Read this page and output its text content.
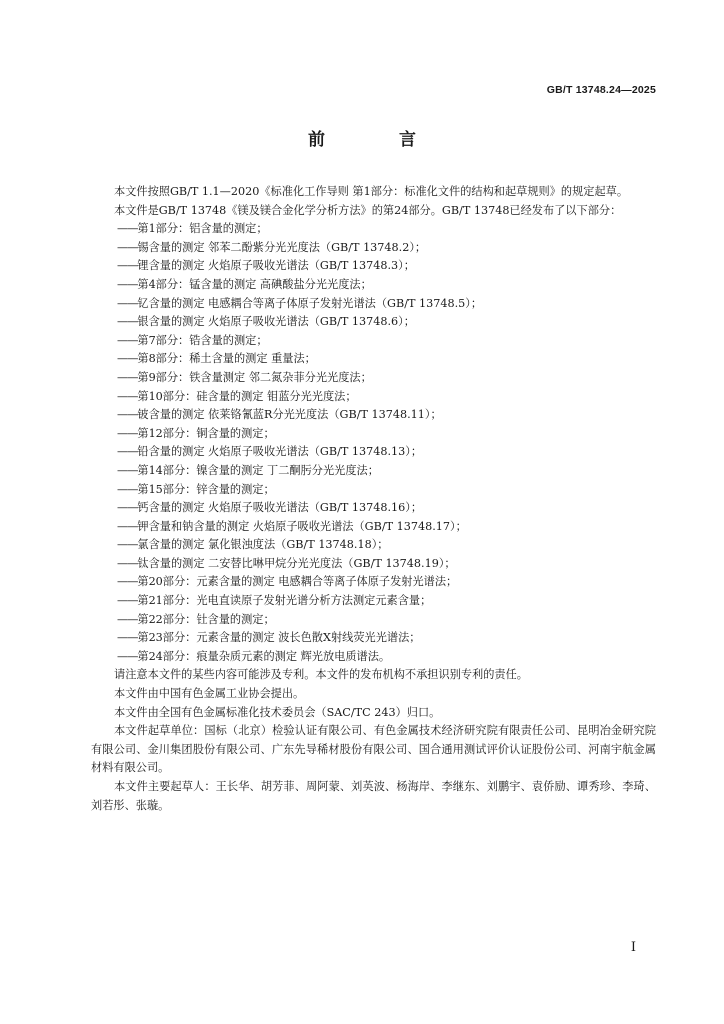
GB/T 13748.24—2025
前 言

本文件按照GB/T 1.1—2020《标准化工作导则 第1部分：标准化文件的结构和起草规则》的规定起草。

本文件是GB/T 13748《镁及镁合金化学分析方法》的第24部分。GB/T 13748已经发布了以下部分：

——第1部分：铝含量的测定；

——锡含量的测定 邻苯二酚紫分光光度法（GB/T 13748.2）；

——锂含量的测定 火焰原子吸收光谱法（GB/T 13748.3）；

——第4部分：锰含量的测定 高碘酸盐分光光度法；

——钇含量的测定 电感耦合等离子体原子发射光谱法（GB/T 13748.5）；

——银含量的测定 火焰原子吸收光谱法（GB/T 13748.6）；

——第7部分：锆含量的测定；

——第8部分：稀土含量的测定 重量法；

——第9部分：铁含量测定 邻二氮杂菲分光光度法；

——第10部分：硅含量的测定 钼蓝分光光度法；

——铍含量的测定 依莱铬氰蓝R分光光度法（GB/T 13748.11）；

——第12部分：铜含量的测定；

——铅含量的测定 火焰原子吸收光谱法（GB/T 13748.13）；

——第14部分：镍含量的测定 丁二酮肟分光光度法；

——第15部分：锌含量的测定；

——钙含量的测定 火焰原子吸收光谱法（GB/T 13748.16）；

——钾含量和钠含量的测定 火焰原子吸收光谱法（GB/T 13748.17）；

——氯含量的测定 氯化银浊度法（GB/T 13748.18）；

——钛含量的测定 二安替比啉甲烷分光光度法（GB/T 13748.19）；

——第20部分：元素含量的测定 电感耦合等离子体原子发射光谱法；

——第21部分：光电直读原子发射光谱分析方法测定元素含量；

——第22部分：钍含量的测定；

——第23部分：元素含量的测定 波长色散X射线荧光光谱法；

——第24部分：痕量杂质元素的测定 辉光放电质谱法。

请注意本文件的某些内容可能涉及专利。本文件的发布机构不承担识别专利的责任。

本文件由中国有色金属工业协会提出。

本文件由全国有色金属标准化技术委员会（SAC/TC 243）归口。

本文件起草单位：国标（北京）检验认证有限公司、有色金属技术经济研究院有限责任公司、昆明冶金研究院有限公司、金川集团股份有限公司、广东先导稀材股份有限公司、国合通用测试评价认证股份公司、河南宇航金属材料有限公司。

本文件主要起草人：王长华、胡芳菲、周阿蒙、刘英波、杨海岸、李继东、刘鹏宇、袁侨励、谭秀珍、李琦、刘若彤、张璇。

I
